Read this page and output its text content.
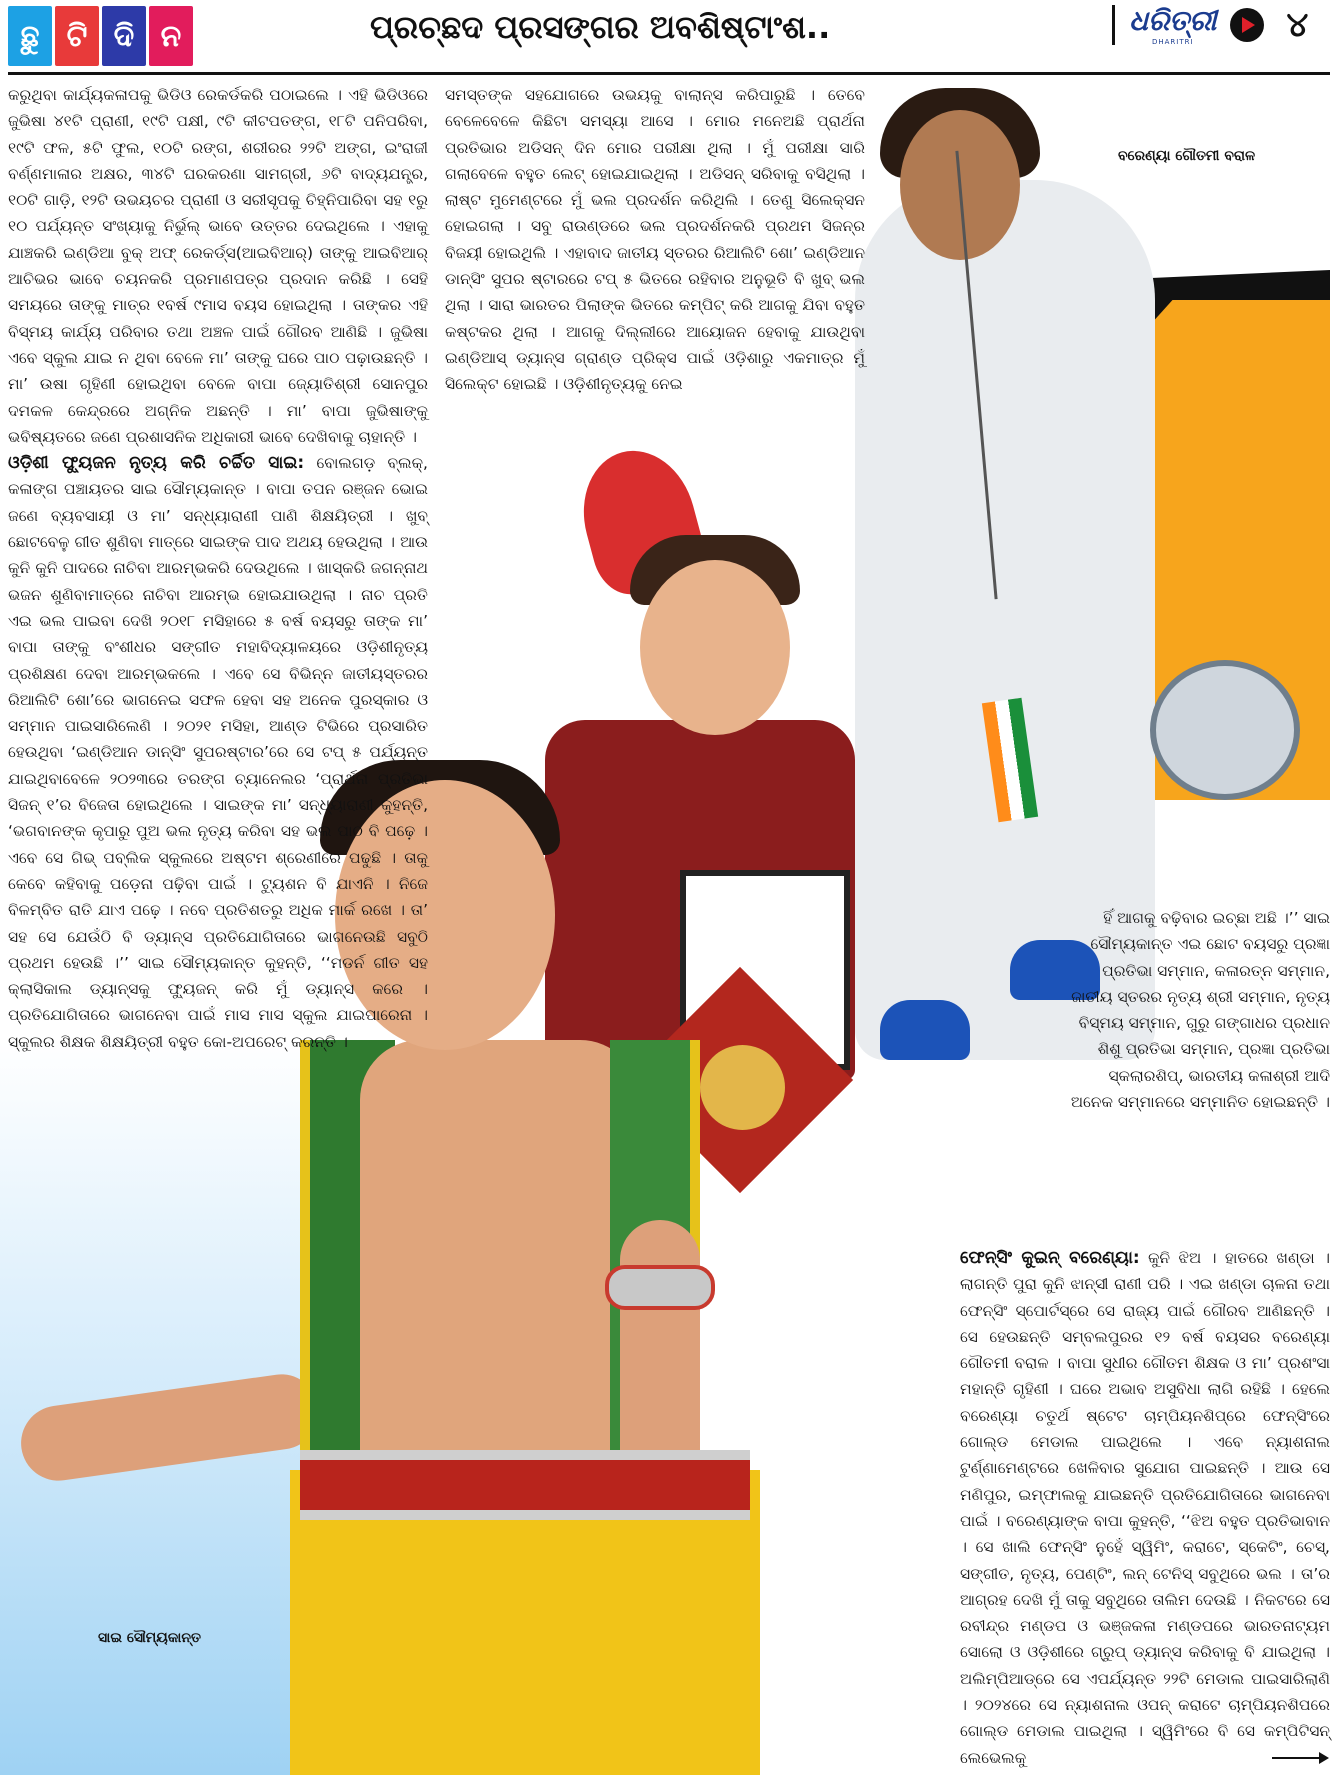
ଛୁ ଟି ଦି ନ	ପ୍ରଚ୍ଛଦ ପ୍ରସଙ୍ଗର ଅବଶିଷ୍ଟାଂଶ..	ଧରିତ୍ରୀ
DHARITRI	୪
ବରେଣ୍ୟା ଗୌତମୀ ବରାଳ
ସାଇ ସୌମ୍ୟକାନ୍ତ

କରୁଥିବା କାର୍ଯ୍ୟକଳାପକୁ ଭିଡିଓ ରେକର୍ଡକରି ପଠାଇଲେ । ଏହି ଭିଡିଓରେ ଜୁଭିଷା ୪୧ଟି ପ୍ରାଣୀ, ୧୯ଟି ପକ୍ଷୀ, ୯ଟି କୀଟପତଙ୍ଗ, ୧୮ଟି ପନିପରିବା, ୧୯ଟି ଫଳ, ୫ଟି ଫୁଲ, ୧୦ଟି ରଙ୍ଗ, ଶରୀରର ୨୨ଟି ଅଙ୍ଗ, ଇଂରାଜୀ ବର୍ଣ୍ଣମାଳାର ଅକ୍ଷର, ୩୪ଟି ଘରକରଣା ସାମଗ୍ରୀ, ୬ଟି ବାଦ୍ୟଯନ୍ତ୍ର, ୧୦ଟି ଗାଡ଼ି, ୧୨ଟି ଉଭୟଚର ପ୍ରାଣୀ ଓ ସରୀସୃପକୁ ଚିହ୍ନିପାରିବା ସହ ୧ରୁ ୧୦ ପର୍ଯ୍ୟନ୍ତ ସଂଖ୍ୟାକୁ ନିର୍ଭୁଲ୍ ଭାବେ ଉତ୍ତର ଦେଇଥିଲେ । ଏହାକୁ ଯାଞ୍ଚକରି ଇଣ୍ଡିଆ ବୁକ୍ ଅଫ୍ ରେକର୍ଡ୍ସ(ଆଇବିଆର୍) ତାଙ୍କୁ ଆଇବିଆର୍ ଆଚିଭର ଭାବେ ଚୟନକରି ପ୍ରମାଣପତ୍ର ପ୍ରଦାନ କରିଛି । ସେହି ସମୟରେ ତାଙ୍କୁ ମାତ୍ର ୧ବର୍ଷ ୯ମାସ ବୟସ ହୋଇଥିଲା । ତାଙ୍କର ଏହି ବିସ୍ମୟ କାର୍ଯ୍ୟ ପରିବାର ତଥା ଅଞ୍ଚଳ ପାଇଁ ଗୌରବ ଆଣିଛି । ଜୁଭିଷା ଏବେ ସ୍କୁଲ ଯାଇ ନ ଥିବା ବେଳେ ମା’ ତାଙ୍କୁ ଘରେ ପାଠ ପଢ଼ାଉଛନ୍ତି । ମା’ ଉଷା ଗୃହିଣୀ ହୋଇଥିବା ବେଳେ ବାପା ଜ୍ୟୋତିଶ୍ରୀ ସୋନପୁର ଦମକଳ କେନ୍ଦ୍ରରେ ଅଗ୍ନିକ ଅଛନ୍ତି । ମା’ ବାପା ଜୁଭିଷାଙ୍କୁ ଭବିଷ୍ୟତରେ ଜଣେ ପ୍ରଶାସନିକ ଅଧିକାରୀ ଭାବେ ଦେଖିବାକୁ ଚାହାନ୍ତି ।

ଓଡ଼ିଶୀ ଫ୍ୟୁଜନ ନୃତ୍ୟ କରି ଚର୍ଚ୍ଚିତ ସାଇ: ବୋଲଗଡ଼ ବ୍ଲକ୍, କଳାଙ୍ଗ ପଞ୍ଚାୟତର ସାଇ ସୌମ୍ୟକାନ୍ତ । ବାପା ତପନ ରଞ୍ଜନ ଭୋଇ ଜଣେ ବ୍ୟବସାୟୀ ଓ ମା’ ସନ୍ଧ୍ୟାରାଣୀ ପାଣି ଶିକ୍ଷୟିତ୍ରୀ । ଖୁବ୍ ଛୋଟବେଳୁ ଗୀତ ଶୁଣିବା ମାତ୍ରେ ସାଇଙ୍କ ପାଦ ଅଥୟ ହେଉଥିଲା । ଆଉ କୁନି କୁନି ପାଦରେ ନାଚିବା ଆରମ୍ଭକରି ଦେଉଥିଲେ । ଖାସ୍‌କରି ଜଗନ୍ନାଥ ଭଜନ ଶୁଣିବାମାତ୍ରେ ନାଚିବା ଆରମ୍ଭ ହୋଇଯାଉଥିଲା । ନାଚ ପ୍ରତି ଏଇ ଭଲ ପାଇବା ଦେଖି ୨୦୧୮ ମସିହାରେ ୫ ବର୍ଷ ବୟସରୁ ତାଙ୍କ ମା’ ବାପା ତାଙ୍କୁ ବଂଶୀଧର ସଙ୍ଗୀତ ମହାବିଦ୍ୟାଳୟରେ ଓଡ଼ିଶୀନୃତ୍ୟ ପ୍ରଶିକ୍ଷଣ ଦେବା ଆରମ୍ଭକଲେ । ଏବେ ସେ ବିଭିନ୍ନ ଜାତୀୟସ୍ତରର ରିଆଲିଟି ଶୋ’ରେ ଭାଗନେଇ ସଫଳ ହେବା ସହ ଅନେକ ପୁରସ୍କାର ଓ ସମ୍ମାନ ପାଇସାରିଲେଣି । ୨୦୨୧ ମସିହା, ଆଣ୍ଡ ଟିଭିରେ ପ୍ରସାରିତ ହେଉଥିବା ‘ଇଣ୍ଡିଆନ ଡାନ୍ସିଂ ସୁପରଷ୍ଟାର’ରେ ସେ ଟପ୍ ୫ ପର୍ଯ୍ୟନ୍ତ ଯାଇଥିବାବେଳେ ୨୦୨୩ରେ ତରଙ୍ଗ ଚ୍ୟାନେଲର ‘ପ୍ରାର୍ଥନା ପ୍ରତିଭା ସିଜନ୍ ୧’ର ବିଜେତା ହୋଇଥିଲେ । ସାଇଙ୍କ ମା’ ସନ୍ଧ୍ୟାରାଣୀ କୁହନ୍ତି, ‘ଭଗବାନଙ୍କ କୃପାରୁ ପୁଅ ଭଲ ନୃତ୍ୟ କରିବା ସହ ଭଲ ପାଠ ବି ପଢ଼େ । ଏବେ ସେ ଗିଭ୍ ପବ୍ଲିକ ସ୍କୁଲରେ ଅଷ୍ଟମ ଶ୍ରେଣୀରେ ପଢୁଛି । ତାକୁ କେବେ କହିବାକୁ ପଡ଼େନା ପଢ଼ିବା ପାଇଁ । ଟ୍ୟୁଶନ ବି ଯାଏନି । ନିଜେ ବିଳମ୍ବିତ ରାତି ଯାଏ ପଢ଼େ । ନବେ ପ୍ରତିଶତରୁ ଅଧିକ ମାର୍କ ରଖେ । ତା’ ସହ ସେ ଯେଉଁଠି ବି ଡ୍ୟାନ୍ସ ପ୍ରତିଯୋଗିତାରେ ଭାଗନେଉଛି ସବୁଠି ପ୍ରଥମ ହେଉଛି ।’’ ସାଇ ସୌମ୍ୟକାନ୍ତ କୁହନ୍ତି, ‘‘ମଡର୍ନ ଗୀତ ସହ କ୍ଲାସିକାଲ ଡ୍ୟାନ୍ସକୁ ଫ୍ୟୁଜନ୍ କରି ମୁଁ ଡ୍ୟାନ୍ସ କରେ । ପ୍ରତିଯୋଗିତାରେ ଭାଗନେବା ପାଇଁ ମାସ ମାସ ସ୍କୁଲ ଯାଇପାରେନା । ସ୍କୁଲର ଶିକ୍ଷକ ଶିକ୍ଷୟିତ୍ରୀ ବହୁତ କୋ-ଅପରେଟ୍ କରନ୍ତି ।

ସମସ୍ତଙ୍କ ସହଯୋଗରେ ଉଭୟକୁ ବାଲାନ୍ସ କରିପାରୁଛି । ତେବେ ବେଳେବେଳେ କିଛିଟା ସମସ୍ୟା ଆସେ । ମୋର ମନେଅଛି ପ୍ରାର୍ଥନା ପ୍ରତିଭାର ଅଡିସନ୍ ଦିନ ମୋର ପରୀକ୍ଷା ଥିଲା । ମୁଁ ପରୀକ୍ଷା ସାରି ଗଲାବେଳେ ବହୁତ ଲେଟ୍ ହୋଇଯାଇଥିଲା । ଅଡିସନ୍ ସରିବାକୁ ବସିଥିଲା । ଲାଷ୍ଟ ମୁମେଣ୍ଟରେ ମୁଁ ଭଲ ପ୍ରଦର୍ଶନ କରିଥିଲି । ତେଣୁ ସିଲେକ୍ସନ ହୋଇଗଲା । ସବୁ ରାଉଣ୍ଡରେ ଭଲ ପ୍ରଦର୍ଶନକରି ପ୍ରଥମ ସିଜନ୍‌ର ବିଜୟୀ ହୋଇଥିଲି । ଏହାବାଦ ଜାତୀୟ ସ୍ତରର ରିଆଲିଟି ଶୋ’ ଇଣ୍ଡିଆନ ଡାନ୍ସିଂ ସୁପର ଷ୍ଟାରରେ ଟପ୍ ୫ ଭିତରେ ରହିବାର ଅନୁଭୂତି ବି ଖୁବ୍ ଭଲ ଥିଲା । ସାରା ଭାରତର ପିଲାଙ୍କ ଭିତରେ କମ୍ପିଟ୍ କରି ଆଗକୁ ଯିବା ବହୁତ କଷ୍ଟକର ଥିଲା । ଆଗକୁ ଦିଲ୍ଲୀରେ ଆୟୋଜନ ହେବାକୁ ଯାଉଥିବା ଇଣ୍ଡିଆସ୍ ଡ୍ୟାନ୍ସ ଗ୍ରାଣ୍ଡ ପ୍ରିକ୍ସ ପାଇଁ ଓଡ଼ିଶାରୁ ଏକମାତ୍ର ମୁଁ ସିଲେକ୍ଟ ହୋଇଛି । ଓଡ଼ିଶୀନୃତ୍ୟକୁ ନେଇ

ହିଁ ଆଗକୁ ବଢ଼ିବାର ଇଚ୍ଛା ଅଛି ।’’ ସାଇ ସୌମ୍ୟକାନ୍ତ ଏଇ ଛୋଟ ବୟସରୁ ପ୍ରଜ୍ଞା ପ୍ରତିଭା ସମ୍ମାନ, କଳାରତ୍ନ ସମ୍ମାନ, ଜାତୀୟ ସ୍ତରର ନୃତ୍ୟ ଶ୍ରୀ ସମ୍ମାନ, ନୃତ୍ୟ ବିସ୍ମୟ ସମ୍ମାନ, ଗୁରୁ ଗଙ୍ଗାଧର ପ୍ରଧାନ ଶିଶୁ ପ୍ରତିଭା ସମ୍ମାନ, ପ୍ରଜ୍ଞା ପ୍ରତିଭା ସ୍କଲାରଶିପ୍, ଭାରତୀୟ କଳାଶ୍ରୀ ଆଦି ଅନେକ ସମ୍ମାନରେ ସମ୍ମାନିତ ହୋଇଛନ୍ତି ।

ଫେନ୍ସିଂ କୁଇନ୍ ବରେଣ୍ୟା: କୁନି ଝିଅ । ହାତରେ ଖଣ୍ଡା । ଲାଗନ୍ତି ପୁରା କୁନି ଝାନ୍ସୀ ରାଣୀ ପରି । ଏଇ ଖଣ୍ଡା ଚାଳନା ତଥା ଫେନ୍ସିଂ ସ୍ପୋର୍ଟସ୍‌ରେ ସେ ରାଜ୍ୟ ପାଇଁ ଗୌରବ ଆଣିଛନ୍ତି । ସେ ହେଉଛନ୍ତି ସମ୍ବଲପୁରର ୧୨ ବର୍ଷ ବୟସର ବରେଣ୍ୟା ଗୌତମୀ ବରାଳ । ବାପା ସୁଧୀର ଗୌତମ ଶିକ୍ଷକ ଓ ମା’ ପ୍ରଶଂସା ମହାନ୍ତି ଗୃହିଣୀ । ଘରେ ଅଭାବ ଅସୁବିଧା ଲାଗି ରହିଛି । ହେଲେ ବରେଣ୍ୟା ଚତୁର୍ଥ ଷ୍ଟେଟ ଚାମ୍ପିୟନଶିପ୍‌ରେ ଫେନ୍ସିଂରେ ଗୋଲ୍ଡ ମେଡାଲ ପାଇଥିଲେ । ଏବେ ନ୍ୟାଶନାଲ ଟୁର୍ଣ୍ଣାମେଣ୍ଟରେ ଖେଳିବାର ସୁଯୋଗ ପାଇଛନ୍ତି । ଆଉ ସେ ମଣିପୁର, ଇମ୍ଫାଲକୁ ଯାଇଛନ୍ତି ପ୍ରତିଯୋଗିତାରେ ଭାଗନେବା ପାଇଁ । ବରେଣ୍ୟାଙ୍କ ବାପା କୁହନ୍ତି, ‘‘ଝିଅ ବହୁତ ପ୍ରତିଭାବାନ । ସେ ଖାଲି ଫେନ୍ସିଂ ନୁହେଁ ସ୍ୱିମିଂ, କରାଟେ, ସ୍କେଟିଂ, ଚେସ୍, ସଙ୍ଗୀତ, ନୃତ୍ୟ, ପେଣ୍ଟିଂ, ଲନ୍ ଟେନିସ୍ ସବୁଥିରେ ଭଲ । ତା’ର ଆଗ୍ରହ ଦେଖି ମୁଁ ତାକୁ ସବୁଥିରେ ତାଲିମ ଦେଉଛି । ନିକଟରେ ସେ ରବୀନ୍ଦ୍ର ମଣ୍ଡପ ଓ ଭଞ୍ଜକଳା ମଣ୍ଡପରେ ଭାରତନାଟ୍ୟମ ସୋଲୋ ଓ ଓଡ଼ିଶୀରେ ଗ୍ରୁପ୍ ଡ୍ୟାନ୍ସ କରିବାକୁ ବି ଯାଇଥିଲା । ଅଲିମ୍ପିଆଡ୍‌ରେ ସେ ଏପର୍ଯ୍ୟନ୍ତ ୨୨ଟି ମେଡାଲ ପାଇସାରିଲାଣି । ୨୦୨୪ରେ ସେ ନ୍ୟାଶନାଲ ଓପନ୍ କରାଟେ ଚାମ୍ପିୟନଶିପରେ ଗୋଲ୍ଡ ମେଡାଲ ପାଇଥିଲା । ସ୍ୱିମିଂରେ ବି ସେ କମ୍ପିଟିସନ୍ ଲେଭେଲକୁ
